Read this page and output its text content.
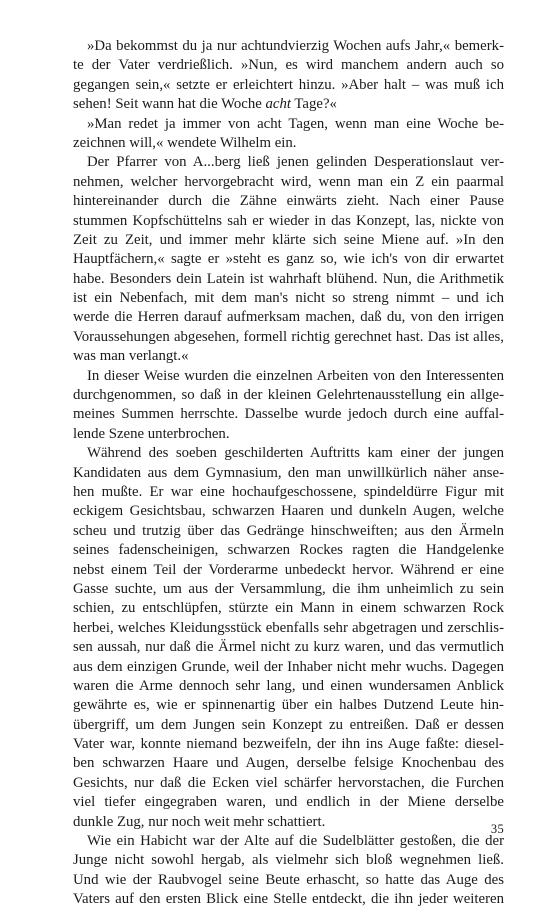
»Da bekommst du ja nur achtundvierzig Wochen aufs Jahr,« bemerk-
te der Vater verdrießlich. »Nun, es wird manchem andern auch so
gegangen sein,« setzte er erleichtert hinzu. »Aber halt – was muß ich
sehen! Seit wann hat die Woche acht Tage?«
»Man redet ja immer von acht Tagen, wenn man eine Woche be-
zeichnen will,« wendete Wilhelm ein.
Der Pfarrer von A...berg ließ jenen gelinden Desperationslaut ver-
nehmen, welcher hervorgebracht wird, wenn man ein Z ein paarmal
hintereinander durch die Zähne einwärts zieht. Nach einer Pause
stummen Kopfschüttelns sah er wieder in das Konzept, las, nickte von
Zeit zu Zeit, und immer mehr klärte sich seine Miene auf. »In den
Hauptfächern,« sagte er »steht es ganz so, wie ich's von dir erwartet
habe. Besonders dein Latein ist wahrhaft blühend. Nun, die Arithmetik
ist ein Nebenfach, mit dem man's nicht so streng nimmt – und ich
werde die Herren darauf aufmerksam machen, daß du, von den irrigen
Voraussehungen abgesehen, formell richtig gerechnet hast. Das ist alles,
was man verlangt.«
In dieser Weise wurden die einzelnen Arbeiten von den Interessenten
durchgenommen, so daß in der kleinen Gelehrtenausstellung ein allge-
meines Summen herrschte. Dasselbe wurde jedoch durch eine auffal-
lende Szene unterbrochen.
Während des soeben geschilderten Auftritts kam einer der jungen
Kandidaten aus dem Gymnasium, den man unwillkürlich näher anse-
hen mußte. Er war eine hochaufgeschossene, spindeldürre Figur mit
eckigem Gesichtsbau, schwarzen Haaren und dunkeln Augen, welche
scheu und trutzig über das Gedränge hinschweiften; aus den Ärmeln
seines fadenscheinigen, schwarzen Rockes ragten die Handgelenke
nebst einem Teil der Vorderarme unbedeckt hervor. Während er eine
Gasse suchte, um aus der Versammlung, die ihm unheimlich zu sein
schien, zu entschlüpfen, stürzte ein Mann in einem schwarzen Rock
herbei, welches Kleidungsstück ebenfalls sehr abgetragen und zerschlis-
sen aussah, nur daß die Ärmel nicht zu kurz waren, und das vermutlich
aus dem einzigen Grunde, weil der Inhaber nicht mehr wuchs. Dagegen
waren die Arme dennoch sehr lang, und einen wundersamen Anblick
gewährte es, wie er spinnenartig über ein halbes Dutzend Leute hin-
übergriff, um dem Jungen sein Konzept zu entreißen. Daß er dessen
Vater war, konnte niemand bezweifeln, der ihn ins Auge faßte: diesel-
ben schwarzen Haare und Augen, derselbe felsige Knochenbau des
Gesichts, nur daß die Ecken viel schärfer hervorstachen, die Furchen
viel tiefer eingegraben waren, und endlich in der Miene derselbe
dunkle Zug, nur noch weit mehr schattiert.
Wie ein Habicht war der Alte auf die Sudelblätter gestoßen, die der
Junge nicht sowohl hergab, als vielmehr sich bloß wegnehmen ließ.
Und wie der Raubvogel seine Beute erhascht, so hatte das Auge des
Vaters auf den ersten Blick eine Stelle entdeckt, die ihn jeder weiteren
35
